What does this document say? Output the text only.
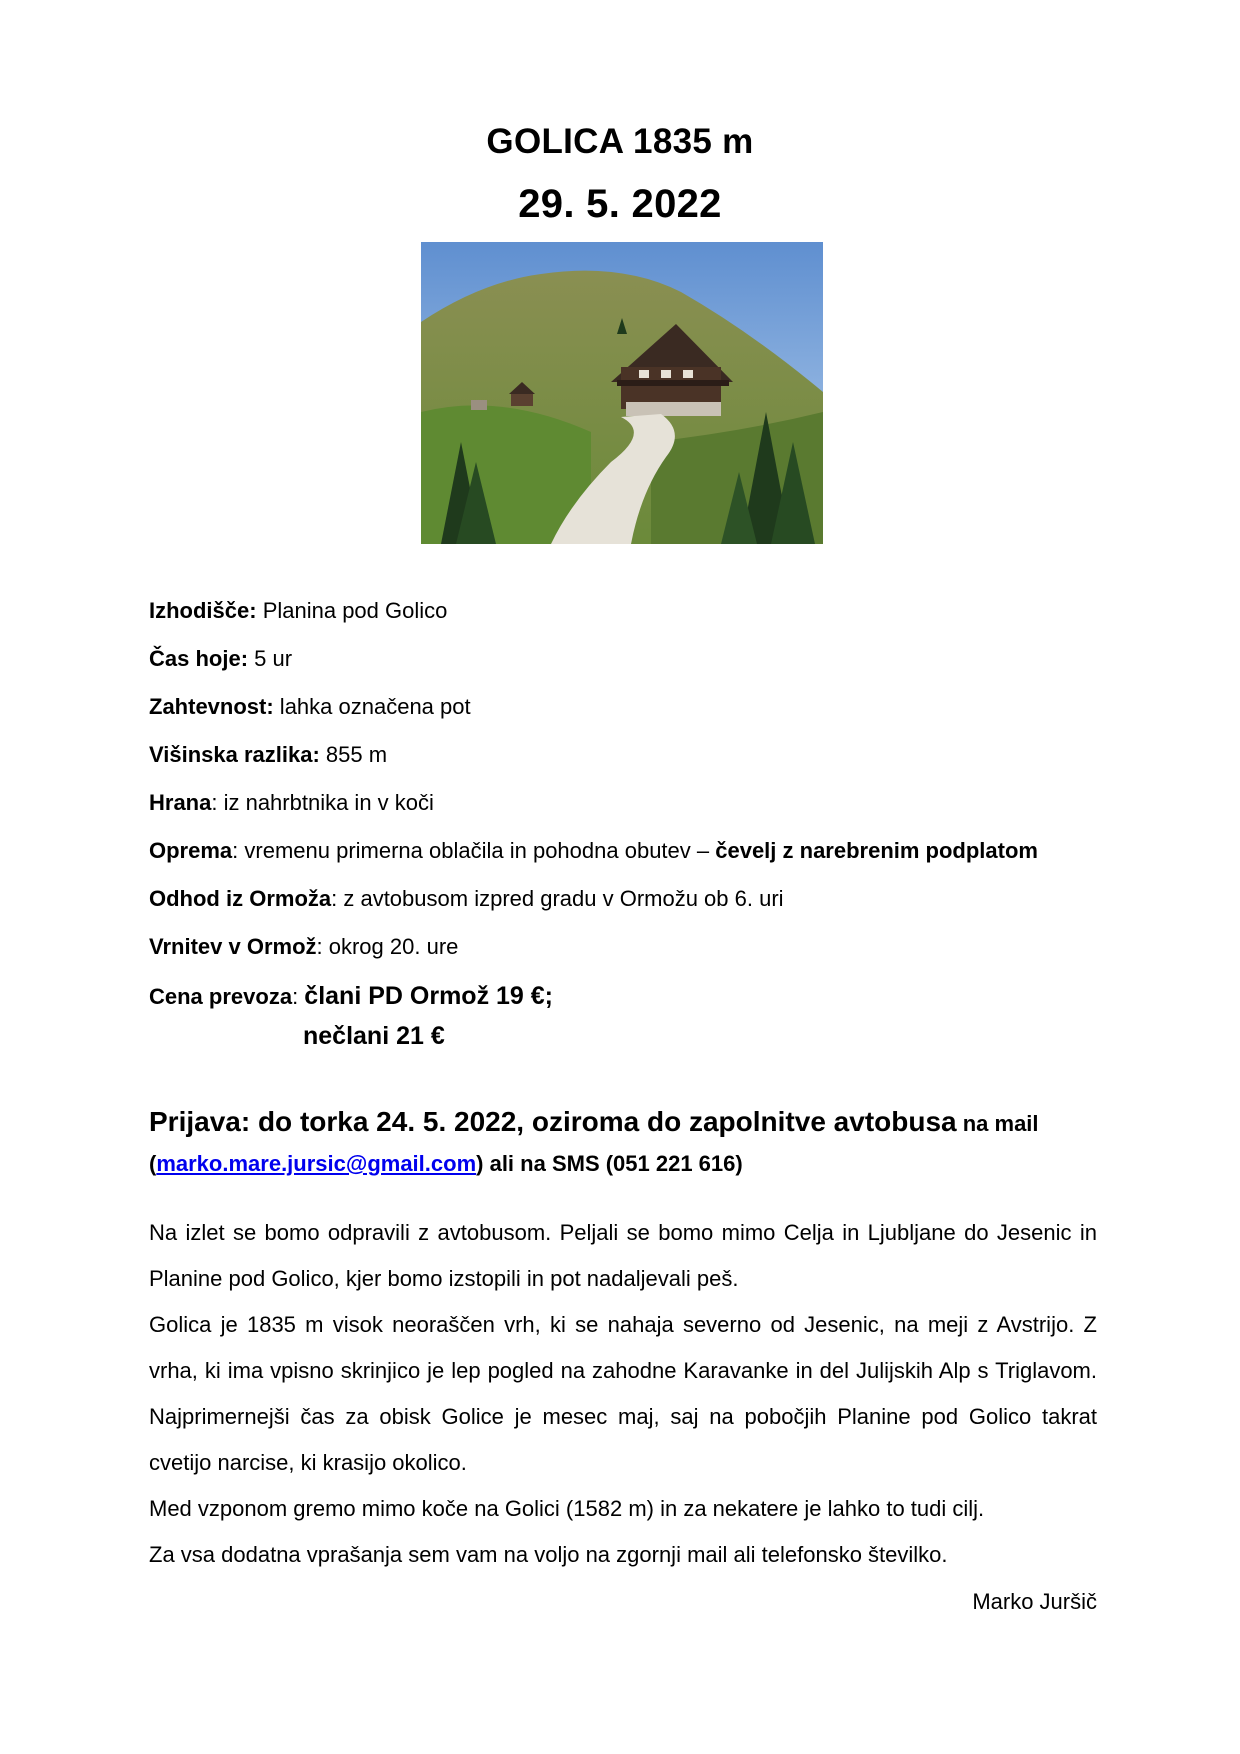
GOLICA 1835 m
29. 5. 2022
Izhodišče: Planina pod Golico
Čas hoje: 5 ur
Zahtevnost: lahka označena pot
Višinska razlika: 855 m
Hrana: iz nahrbtnika in v koči
Oprema: vremenu primerna oblačila in pohodna obutev – čevelj z narebrenim podplatom
Odhod iz Ormoža: z avtobusom izpred gradu v Ormožu ob 6. uri
Vrnitev v Ormož: okrog 20. ure
Cena prevoza: člani PD Ormož 19 €;
nečlani 21 €
Prijava: do torka 24. 5. 2022, oziroma do zapolnitve avtobusa na mail
(marko.mare.jursic@gmail.com) ali na SMS (051 221 616)
Na izlet se bomo odpravili z avtobusom. Peljali se bomo mimo Celja in Ljubljane do Jesenic in Planine pod Golico, kjer bomo izstopili in pot nadaljevali peš.
Golica je 1835 m visok neoraščen vrh, ki se nahaja severno od Jesenic, na meji z Avstrijo. Z vrha, ki ima vpisno skrinjico je lep pogled na zahodne Karavanke in del Julijskih Alp s Triglavom. Najprimernejši čas za obisk Golice je mesec maj, saj na pobočjih Planine pod Golico takrat cvetijo narcise, ki krasijo okolico.
Med vzponom gremo mimo koče na Golici (1582 m) in za nekatere je lahko to tudi cilj.
Za vsa dodatna vprašanja sem vam na voljo na zgornji mail ali telefonsko številko.
Marko Juršič
